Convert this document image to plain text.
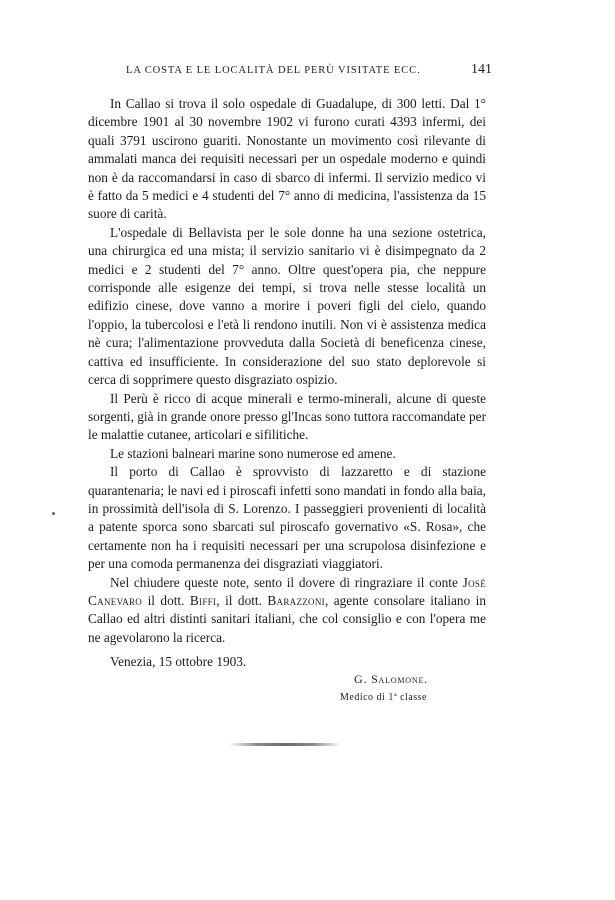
LA COSTA E LE LOCALITÀ DEL PERÙ VISITATE ECC.	141

In Callao si trova il solo ospedale di Guadalupe, di 300 letti. Dal 1° dicembre 1901 al 30 novembre 1902 vi furono curati 4393 infermi, dei quali 3791 uscirono guariti. Nonostante un movimento così rilevante di ammalati manca dei requisiti necessari per un ospedale moderno e quindi non è da raccomandarsi in caso di sbarco di infermi. Il servizio medico vi è fatto da 5 medici e 4 studenti del 7° anno di medicina, l'assistenza da 15 suore di carità.

L'ospedale di Bellavista per le sole donne ha una sezione ostetrica, una chirurgica ed una mista; il servizio sanitario vi è disimpegnato da 2 medici e 2 studenti del 7° anno. Oltre quest'opera pia, che neppure corrisponde alle esigenze dei tempi, si trova nelle stesse località un edifizio cinese, dove vanno a morire i poveri figli del cielo, quando l'oppio, la tubercolosi e l'età li rendono inutili. Non vi è assistenza medica nè cura; l'alimentazione provveduta dalla Società di beneficenza cinese, cattiva ed insufficiente. In considerazione del suo stato deplorevole si cerca di sopprimere questo disgraziato ospizio.

Il Perù è ricco di acque minerali e termo-minerali, alcune di queste sorgenti, già in grande onore presso gl'Incas sono tuttora raccomandate per le malattie cutanee, articolari e sifilitiche.

Le stazioni balneari marine sono numerose ed amene.

Il porto di Callao è sprovvisto di lazzaretto e di stazione quarantenaria; le navi ed i piroscafi infetti sono mandati in fondo alla baia, in prossimità dell'isola di S. Lorenzo. I passeggieri provenienti di località a patente sporca sono sbarcati sul piroscafo governativo «S. Rosa», che certamente non ha i requisiti necessari per una scrupolosa disinfezione e per una comoda permanenza dei disgraziati viaggiatori.

Nel chiudere queste note, sento il dovere di ringraziare il conte José Canevaro il dott. Biffi, il dott. Barazzoni, agente consolare italiano in Callao ed altri distinti sanitari italiani, che col consiglio e con l'opera me ne agevolarono la ricerca.

Venezia, 15 ottobre 1903.
G. Salomone.
Medico di 1ª classe
